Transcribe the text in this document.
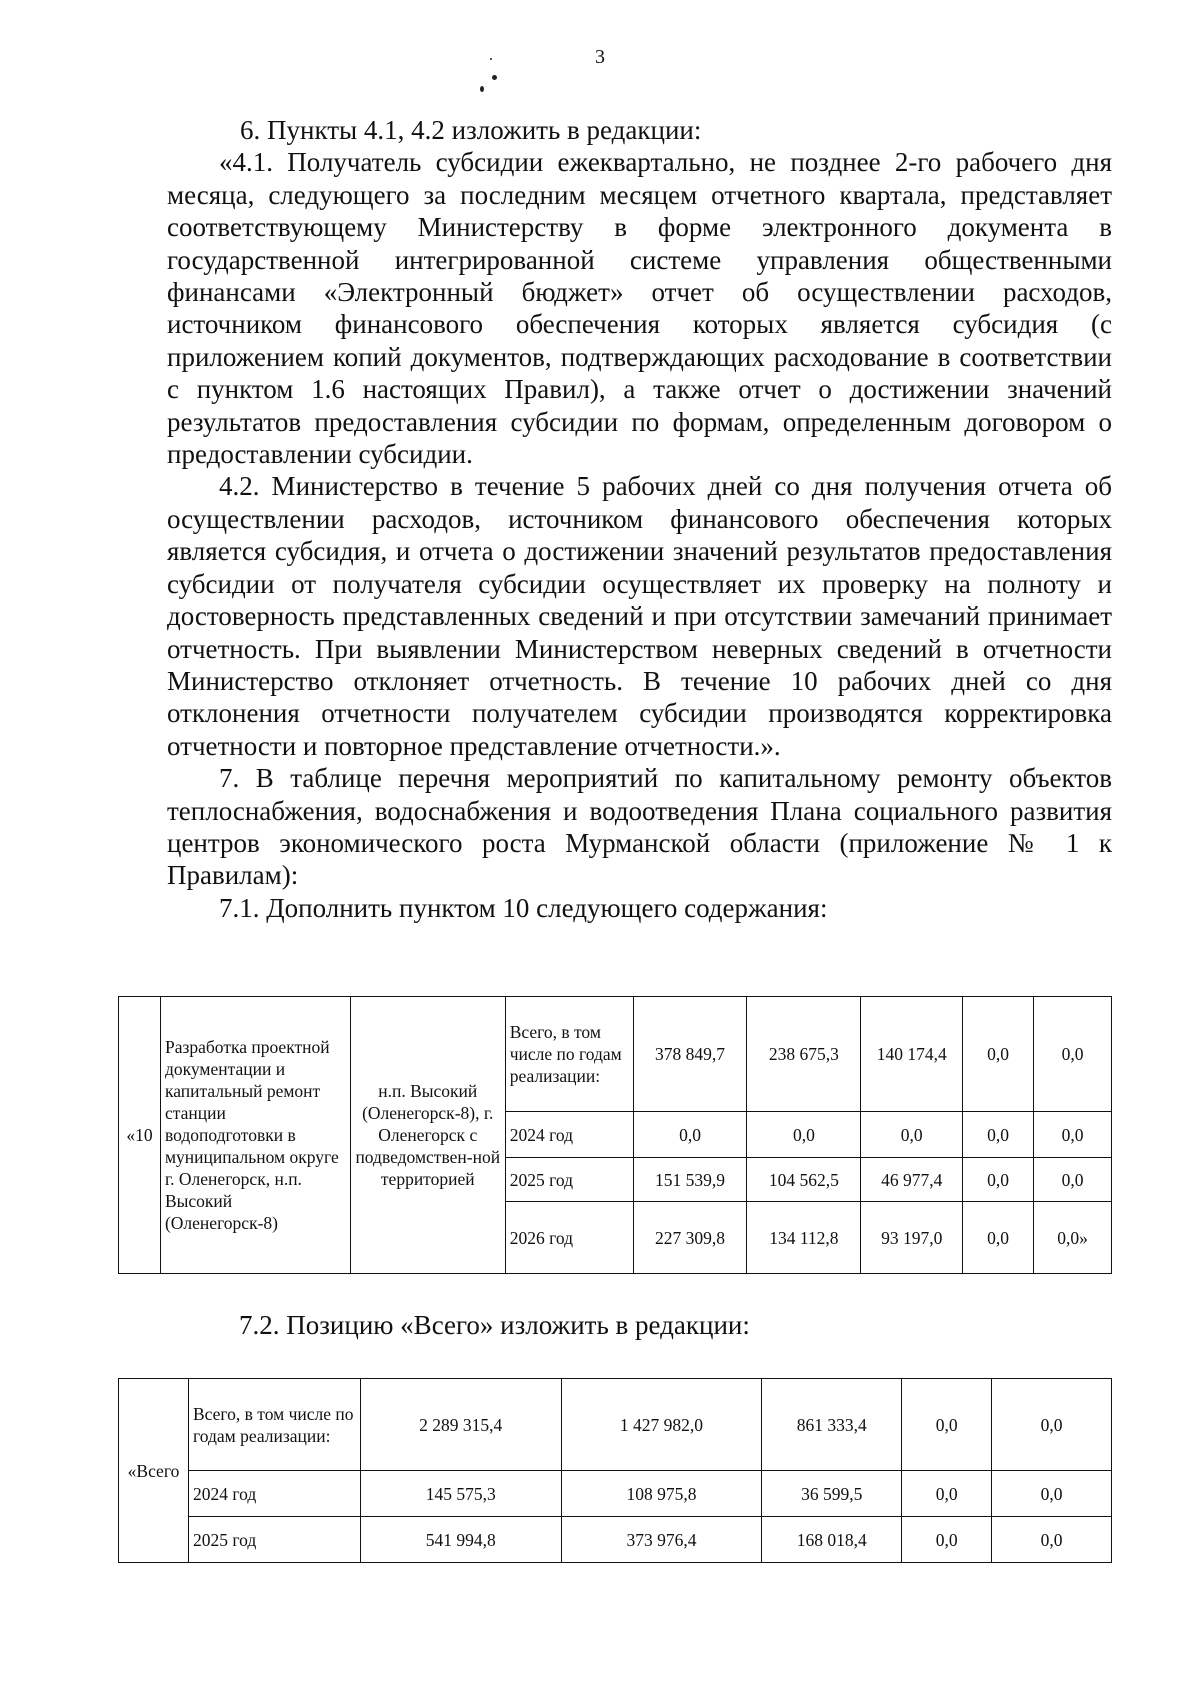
3

6. Пункты 4.1, 4.2 изложить в редакции:

«4.1. Получатель субсидии ежеквартально, не позднее 2-го рабочего дня месяца, следующего за последним месяцем отчетного квартала, представляет соответствующему Министерству в форме электронного документа в государственной интегрированной системе управления общественными финансами «Электронный бюджет» отчет об осуществлении расходов, источником финансового обеспечения которых является субсидия (с приложением копий документов, подтверждающих расходование в соответствии с пунктом 1.6 настоящих Правил), а также отчет о достижении значений результатов предоставления субсидии по формам, определенным договором о предоставлении субсидии.

4.2. Министерство в течение 5 рабочих дней со дня получения отчета об осуществлении расходов, источником финансового обеспечения которых является субсидия, и отчета о достижении значений результатов предоставления субсидии от получателя субсидии осуществляет их проверку на полноту и достоверность представленных сведений и при отсутствии замечаний принимает отчетность. При выявлении Министерством неверных сведений в отчетности Министерство отклоняет отчетность. В течение 10 рабочих дней со дня отклонения отчетности получателем субсидии производятся корректировка отчетности и повторное представление отчетности.».

7. В таблице перечня мероприятий по капитальному ремонту объектов теплоснабжения, водоснабжения и водоотведения Плана социального развития центров экономического роста Мурманской области (приложение № 1 к Правилам):

7.1. Дополнить пунктом 10 следующего содержания:

«10	Разработка проектной документации и капитальный ремонт станции водоподготовки в муниципальном округе г. Оленегорск, н.п. Высокий (Оленегорск-8)	н.п. Высокий (Оленегорск-8), г. Оленегорск с подведомствен-ной территорией	Всего, в том числе по годам реализации:	378 849,7	238 675,3	140 174,4	0,0	0,0
			2024 год	0,0	0,0	0,0	0,0	0,0
			2025 год	151 539,9	104 562,5	46 977,4	0,0	0,0
			2026 год	227 309,8	134 112,8	93 197,0	0,0	0,0»
7.2. Позицию «Всего» изложить в редакции:
«Всего	Всего, в том числе по годам реализации:	2 289 315,4	1 427 982,0	861 333,4	0,0	0,0
	2024 год	145 575,3	108 975,8	36 599,5	0,0	0,0
	2025 год	541 994,8	373 976,4	168 018,4	0,0	0,0
